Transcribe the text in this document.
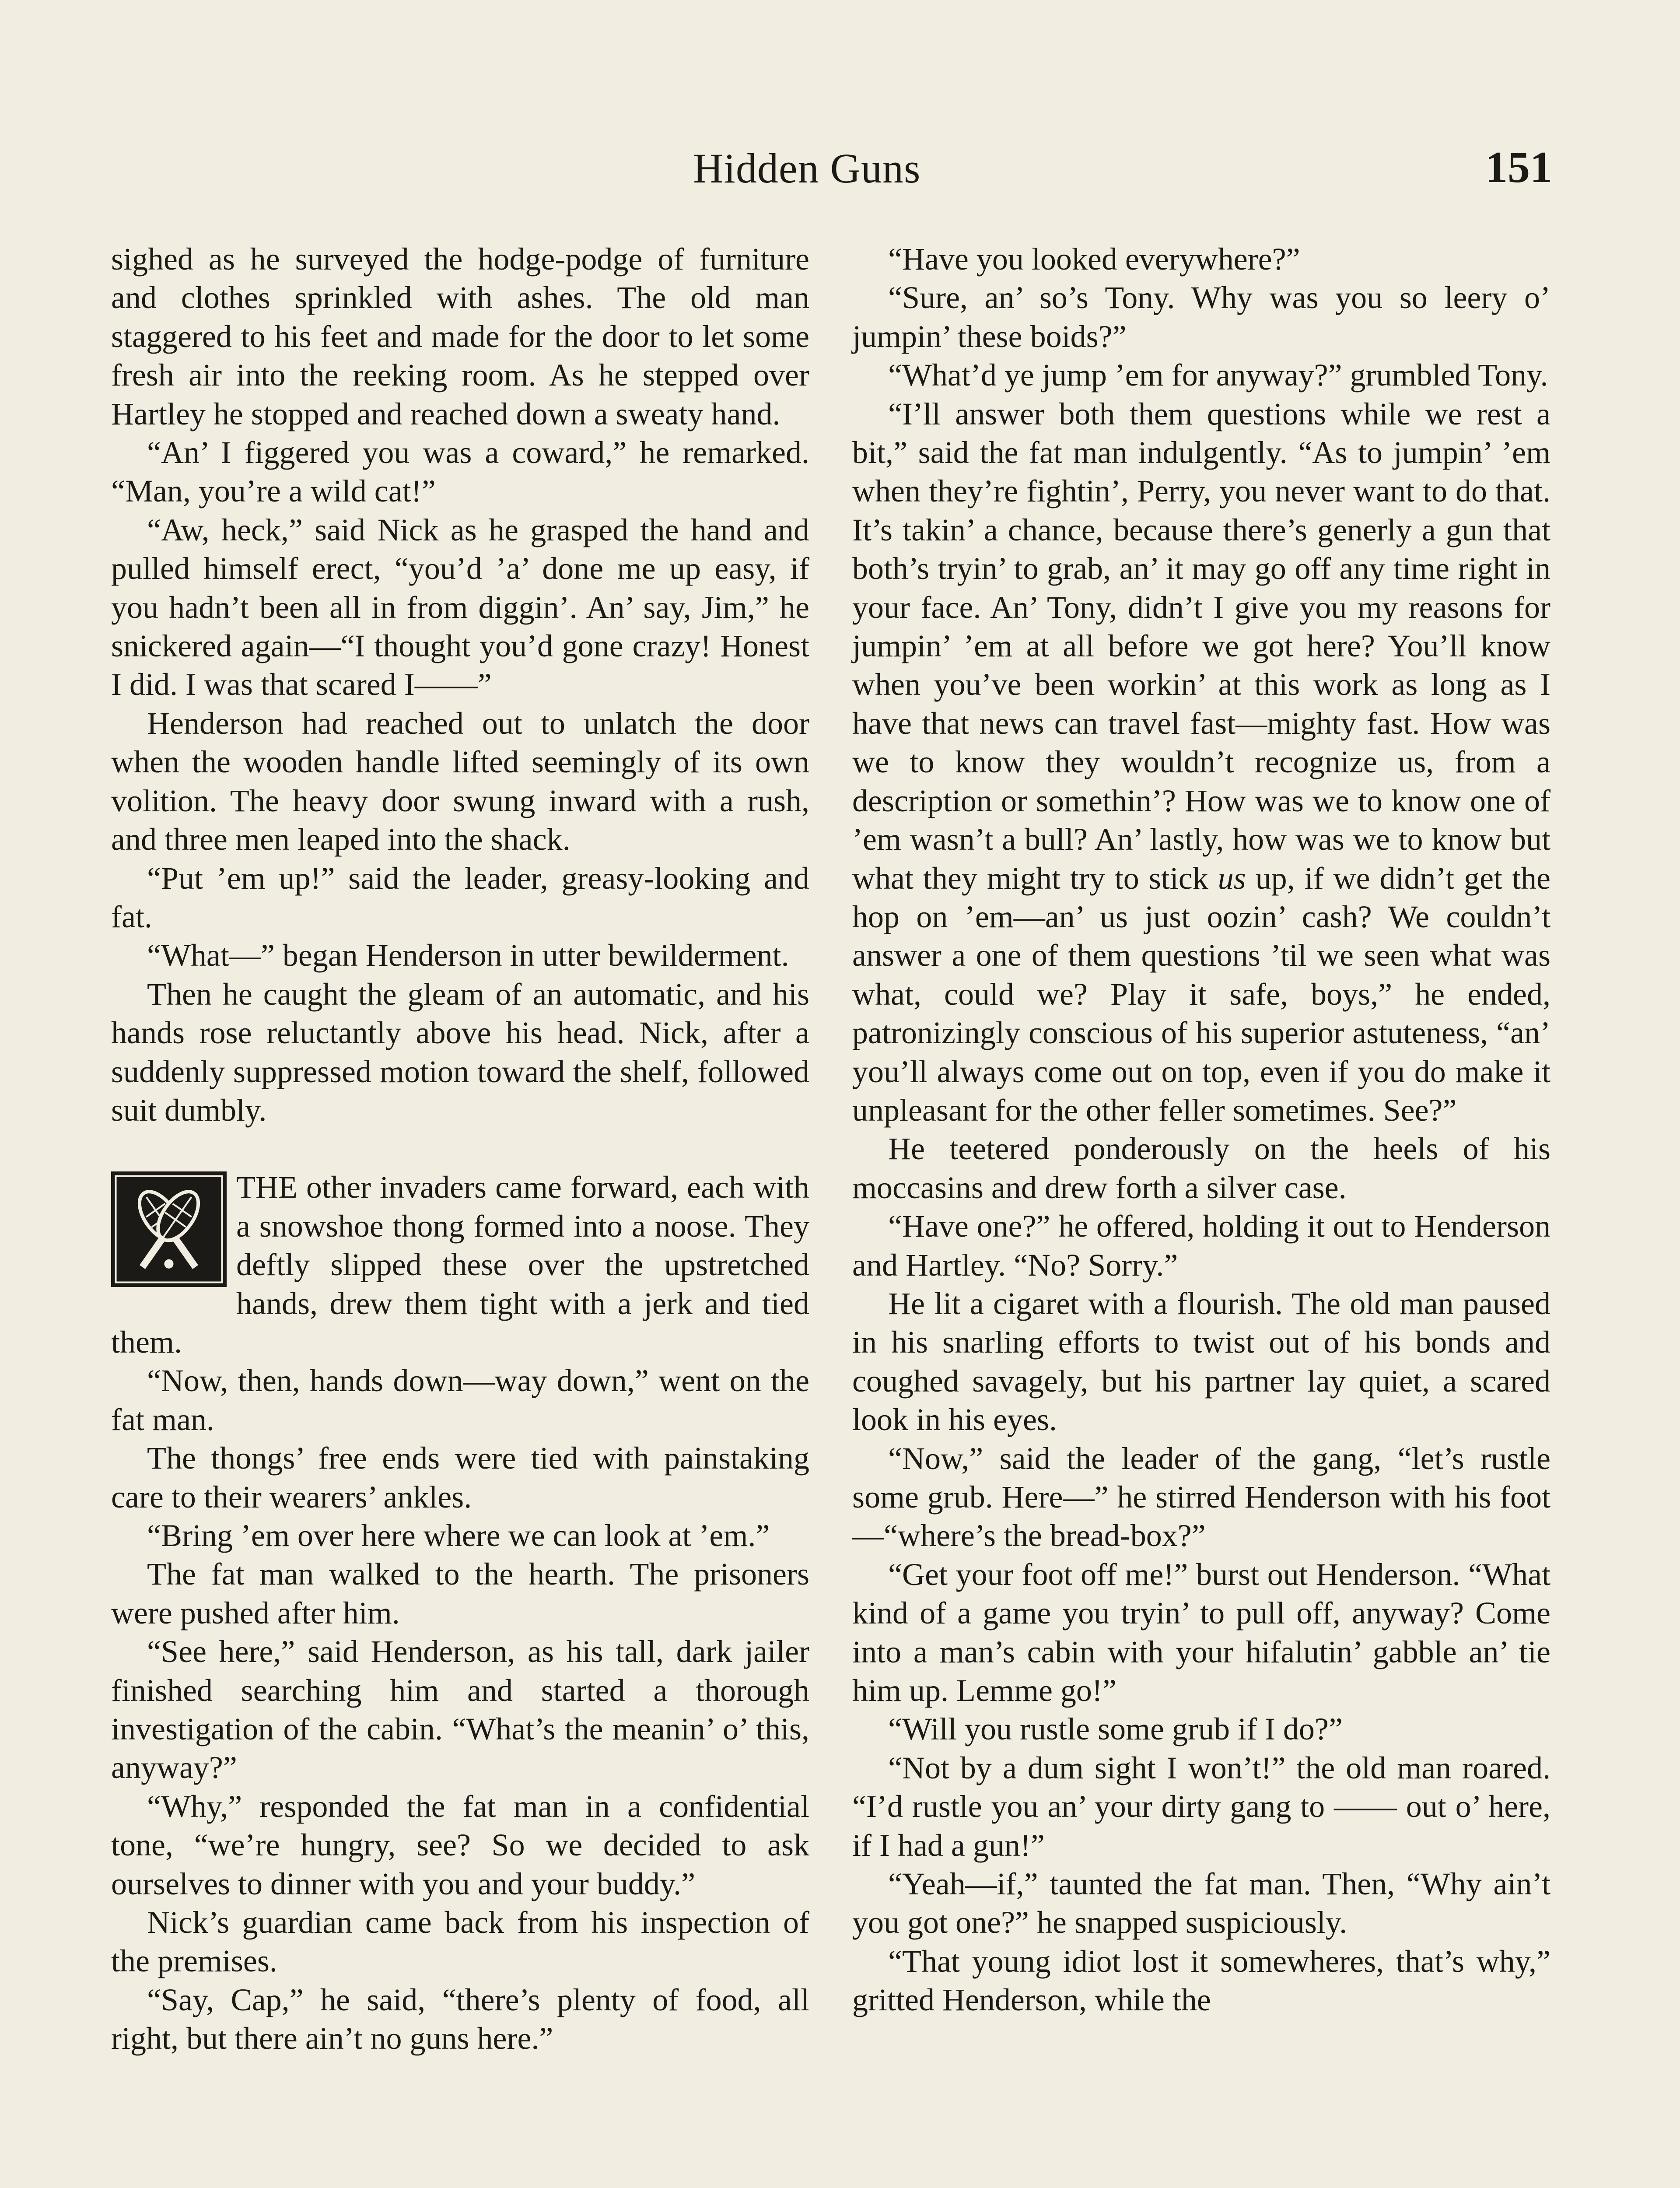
Hidden Guns	151

sighed as he surveyed the hodge-podge of furniture and clothes sprinkled with ashes. The old man staggered to his feet and made for the door to let some fresh air into the reeking room. As he stepped over Hartley he stopped and reached down a sweaty hand.

“An’ I figgered you was a coward,” he remarked. “Man, you’re a wild cat!”

“Aw, heck,” said Nick as he grasped the hand and pulled himself erect, “you’d ’a’ done me up easy, if you hadn’t been all in from diggin’. An’ say, Jim,” he snickered again—“I thought you’d gone crazy! Honest I did. I was that scared I——”

Henderson had reached out to unlatch the door when the wooden handle lifted seemingly of its own volition. The heavy door swung inward with a rush, and three men leaped into the shack.

“Put ’em up!” said the leader, greasy-looking and fat.

“What—” began Henderson in utter bewilderment.

Then he caught the gleam of an automatic, and his hands rose reluctantly above his head. Nick, after a suddenly suppressed motion toward the shelf, followed suit dumbly.

THE other invaders came forward, each with a snowshoe thong formed into a noose. They deftly slipped these over the upstretched hands, drew them tight with a jerk and tied them.

“Now, then, hands down—way down,” went on the fat man.

The thongs’ free ends were tied with painstaking care to their wearers’ ankles.

“Bring ’em over here where we can look at ’em.”

The fat man walked to the hearth. The prisoners were pushed after him.

“See here,” said Henderson, as his tall, dark jailer finished searching him and started a thorough investigation of the cabin. “What’s the meanin’ o’ this, anyway?”

“Why,” responded the fat man in a confidential tone, “we’re hungry, see? So we decided to ask ourselves to dinner with you and your buddy.”

Nick’s guardian came back from his inspection of the premises.

“Say, Cap,” he said, “there’s plenty of food, all right, but there ain’t no guns here.”

“Have you looked everywhere?”

“Sure, an’ so’s Tony. Why was you so leery o’ jumpin’ these boids?”

“What’d ye jump ’em for anyway?” grumbled Tony.

“I’ll answer both them questions while we rest a bit,” said the fat man indulgently. “As to jumpin’ ’em when they’re fightin’, Perry, you never want to do that. It’s takin’ a chance, because there’s generly a gun that both’s tryin’ to grab, an’ it may go off any time right in your face. An’ Tony, didn’t I give you my reasons for jumpin’ ’em at all before we got here? You’ll know when you’ve been workin’ at this work as long as I have that news can travel fast—mighty fast. How was we to know they wouldn’t recognize us, from a description or somethin’? How was we to know one of ’em wasn’t a bull? An’ lastly, how was we to know but what they might try to stick us up, if we didn’t get the hop on ’em—an’ us just oozin’ cash? We couldn’t answer a one of them questions ’til we seen what was what, could we? Play it safe, boys,” he ended, patronizingly conscious of his superior astuteness, “an’ you’ll always come out on top, even if you do make it unpleasant for the other feller sometimes. See?”

He teetered ponderously on the heels of his moccasins and drew forth a silver case.

“Have one?” he offered, holding it out to Henderson and Hartley. “No? Sorry.”

He lit a cigaret with a flourish. The old man paused in his snarling efforts to twist out of his bonds and coughed savagely, but his partner lay quiet, a scared look in his eyes.

“Now,” said the leader of the gang, “let’s rustle some grub. Here—” he stirred Henderson with his foot—“where’s the bread-box?”

“Get your foot off me!” burst out Henderson. “What kind of a game you tryin’ to pull off, anyway? Come into a man’s cabin with your hifalutin’ gabble an’ tie him up. Lemme go!”

“Will you rustle some grub if I do?”

“Not by a dum sight I won’t!” the old man roared. “I’d rustle you an’ your dirty gang to —— out o’ here, if I had a gun!”

“Yeah—if,” taunted the fat man. Then, “Why ain’t you got one?” he snapped suspiciously.

“That young idiot lost it somewheres, that’s why,” gritted Henderson, while the
